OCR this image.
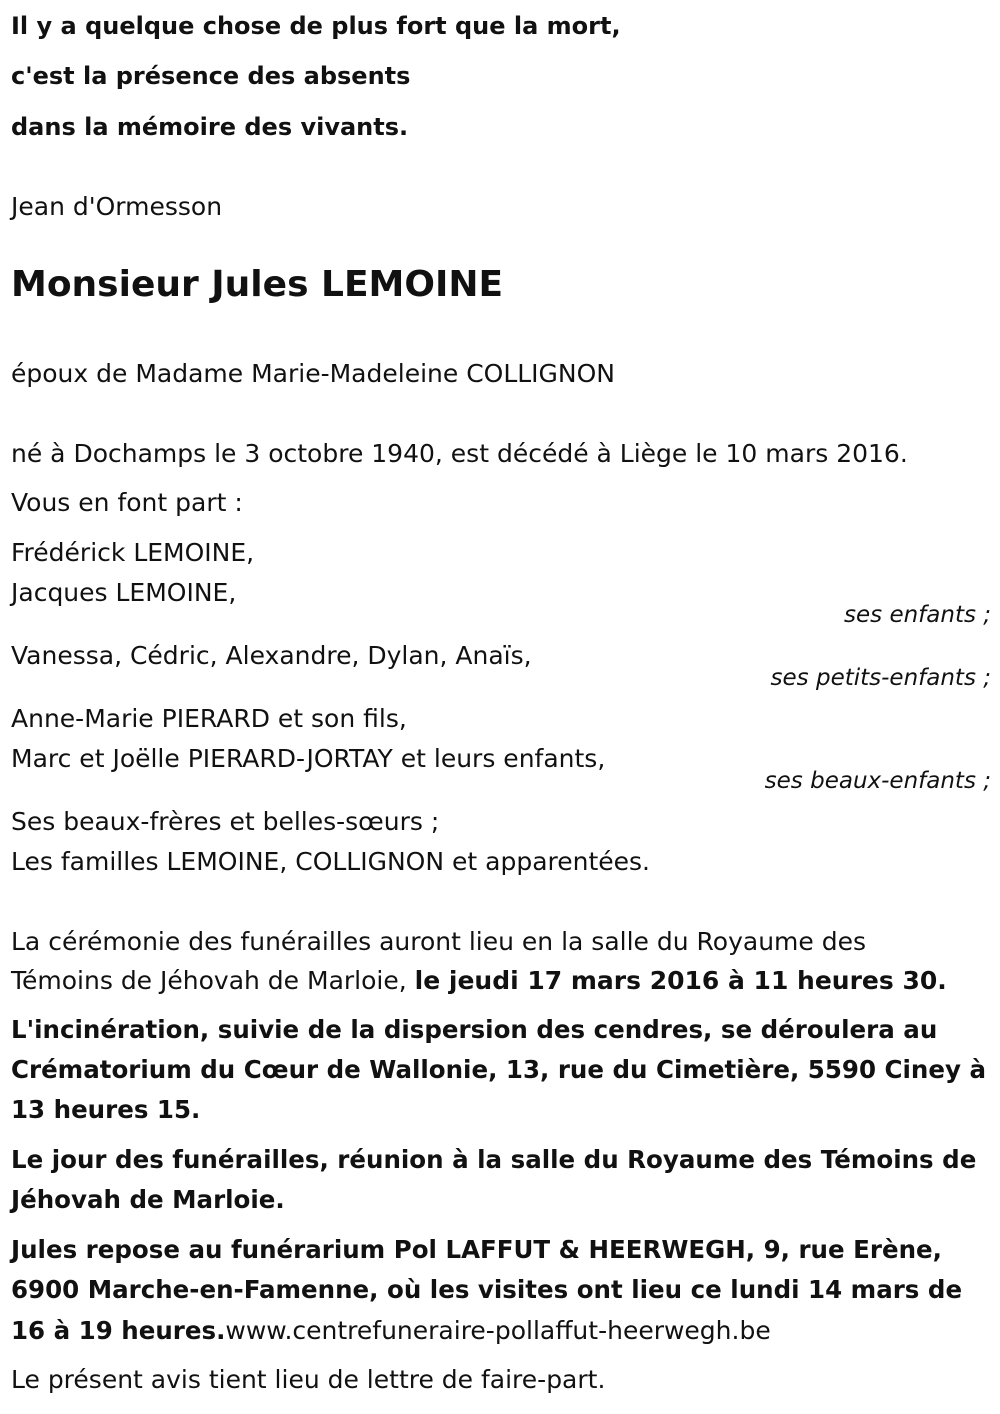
Il y a quelque chose de plus fort que la mort,
c'est la présence des absents
dans la mémoire des vivants.
Jean d'Ormesson
Monsieur Jules LEMOINE
époux de Madame Marie-Madeleine COLLIGNON
né à Dochamps le 3 octobre 1940, est décédé à Liège le 10 mars 2016.
Vous en font part :
Frédérick LEMOINE,
Jacques LEMOINE,
ses enfants ;
Vanessa, Cédric, Alexandre, Dylan, Anaïs,
ses petits-enfants ;
Anne-Marie PIERARD et son fils,
Marc et Joëlle PIERARD-JORTAY et leurs enfants,
ses beaux-enfants ;
Ses beaux-frères et belles-sœurs ;
Les familles LEMOINE, COLLIGNON et apparentées.
La cérémonie des funérailles auront lieu en la salle du Royaume des
Témoins de Jéhovah de Marloie, le jeudi 17 mars 2016 à 11 heures 30.
L'incinération, suivie de la dispersion des cendres, se déroulera au
Crématorium du Cœur de Wallonie, 13, rue du Cimetière, 5590 Ciney à
13 heures 15.
Le jour des funérailles, réunion à la salle du Royaume des Témoins de
Jéhovah de Marloie.
Jules repose au funérarium Pol LAFFUT & HEERWEGH, 9, rue Erène,
6900 Marche-en-Famenne, où les visites ont lieu ce lundi 14 mars de
16 à 19 heures.www.centrefuneraire-pollaffut-heerwegh.be
Le présent avis tient lieu de lettre de faire-part.
